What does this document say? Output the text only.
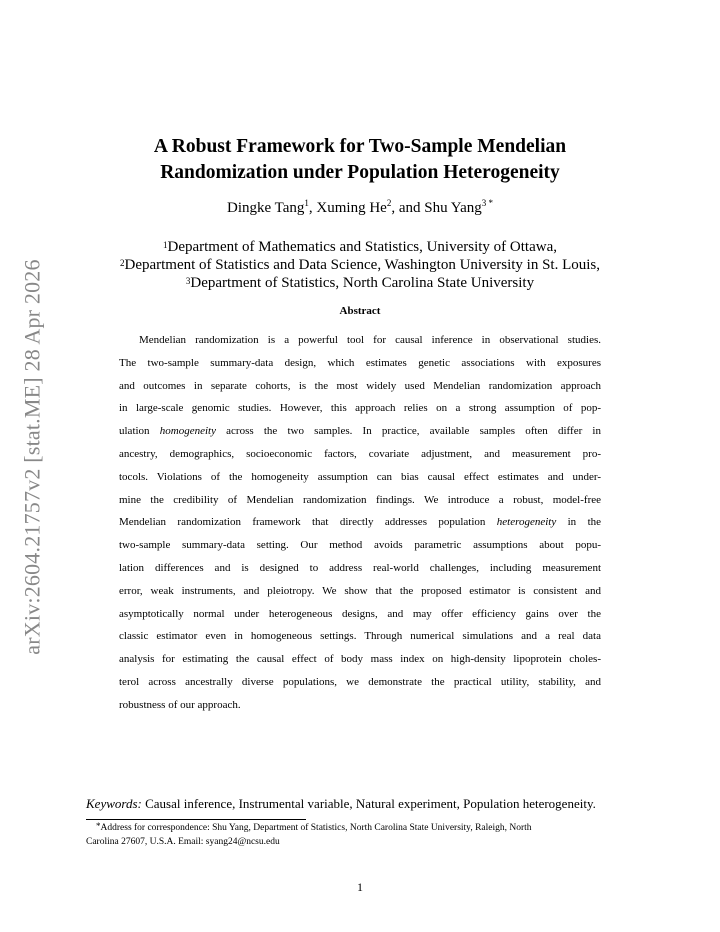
arXiv:2604.21757v2 [stat.ME] 28 Apr 2026
A Robust Framework for Two-Sample Mendelian
Randomization under Population Heterogeneity
Dingke Tang$^1$, Xuming He$^2$, and Shu Yang$^3$ *
$^1$Department of Mathematics and Statistics, University of Ottawa,
$^2$Department of Statistics and Data Science, Washington University in St. Louis,
$^3$Department of Statistics, North Carolina State University
Abstract
Mendelian randomization is a powerful tool for causal inference in observational studies.
The two-sample summary-data design, which estimates genetic associations with exposures
and outcomes in separate cohorts, is the most widely used Mendelian randomization approach
in large-scale genomic studies. However, this approach relies on a strong assumption of pop-
ulation homogeneity across the two samples. In practice, available samples often differ in
ancestry, demographics, socioeconomic factors, covariate adjustment, and measurement pro-
tocols. Violations of the homogeneity assumption can bias causal effect estimates and under-
mine the credibility of Mendelian randomization findings. We introduce a robust, model-free
Mendelian randomization framework that directly addresses population heterogeneity in the
two-sample summary-data setting. Our method avoids parametric assumptions about popu-
lation differences and is designed to address real-world challenges, including measurement
error, weak instruments, and pleiotropy. We show that the proposed estimator is consistent and
asymptotically normal under heterogeneous designs, and may offer efficiency gains over the
classic estimator even in homogeneous settings. Through numerical simulations and a real data
analysis for estimating the causal effect of body mass index on high-density lipoprotein choles-
terol across ancestrally diverse populations, we demonstrate the practical utility, stability, and
robustness of our approach.
Keywords: Causal inference, Instrumental variable, Natural experiment, Population heterogeneity.
*Address for correspondence: Shu Yang, Department of Statistics, North Carolina State University, Raleigh, North
Carolina 27607, U.S.A. Email: syang24@ncsu.edu
1
